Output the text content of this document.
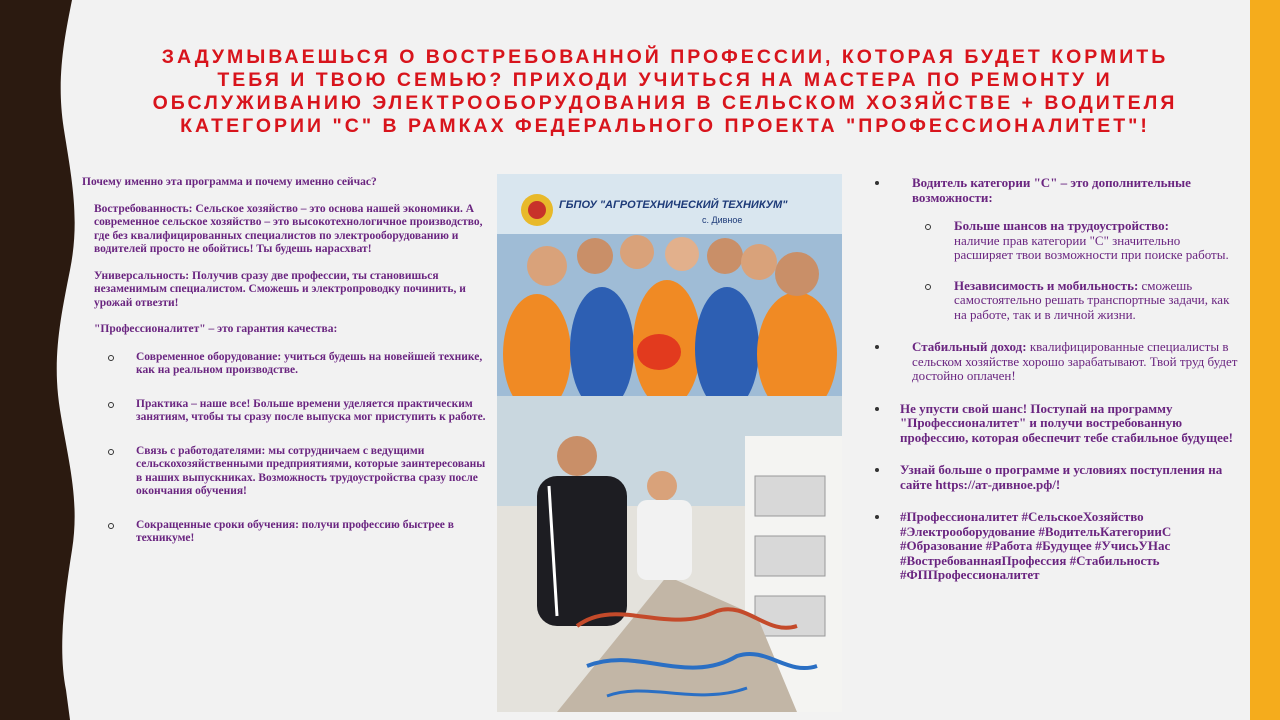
ЗАДУМЫВАЕШЬСЯ О ВОСТРЕБОВАННОЙ ПРОФЕССИИ, КОТОРАЯ БУДЕТ КОРМИТЬ ТЕБЯ И ТВОЮ СЕМЬЮ? ПРИХОДИ УЧИТЬСЯ НА МАСТЕРА ПО РЕМОНТУ И ОБСЛУЖИВАНИЮ ЭЛЕКТРООБОРУДОВАНИЯ В СЕЛЬСКОМ ХОЗЯЙСТВЕ + ВОДИТЕЛЯ КАТЕГОРИИ "С" В РАМКАХ ФЕДЕРАЛЬНОГО ПРОЕКТА "ПРОФЕССИОНАЛИТЕТ"!

Почему именно эта программа и почему именно сейчас?

Востребованность: Сельское хозяйство – это основа нашей экономики. А современное сельское хозяйство – это высокотехнологичное производство, где без квалифицированных специалистов по электрооборудованию и водителей просто не обойтись! Ты будешь нарасхват!

Универсальность: Получив сразу две профессии, ты становишься незаменимым специалистом. Сможешь и электропроводку починить, и урожай отвезти!

"Профессионалитет" – это гарантия качества:

Современное оборудование: учиться будешь на новейшей технике, как на реальном производстве.
Практика – наше все! Больше времени уделяется практическим занятиям, чтобы ты сразу после выпуска мог приступить к работе.
Связь с работодателями: мы сотрудничаем с ведущими сельскохозяйственными предприятиями, которые заинтересованы в наших выпускниках. Возможность трудоустройства сразу после окончания обучения!
Сокращенные сроки обучения: получи профессию быстрее в техникуме!
ГБПОУ "АГРОТЕХНИЧЕСКИЙ ТЕХНИКУМ"
с. Дивное
Водитель категории "С" – это дополнительные возможности:
Больше шансов на трудоустройство:
наличие прав категории "С" значительно расширяет твои возможности при поиске работы.
Независимость и мобильность: сможешь самостоятельно решать транспортные задачи, как на работе, так и в личной жизни.
Стабильный доход: квалифицированные специалисты в сельском хозяйстве хорошо зарабатывают. Твой труд будет достойно оплачен!
Не упусти свой шанс! Поступай на программу "Профессионалитет" и получи востребованную профессию, которая обеспечит тебе стабильное будущее!
Узнай больше о программе и условиях поступления на сайте https://ат-дивное.рф/!
#Профессионалитет #СельскоеХозяйство #Электрооборудование #ВодительКатегорииС #Образование #Работа #Будущее #УчисьУНас #ВостребованнаяПрофессия #Стабильность #ФППрофессионалитет
